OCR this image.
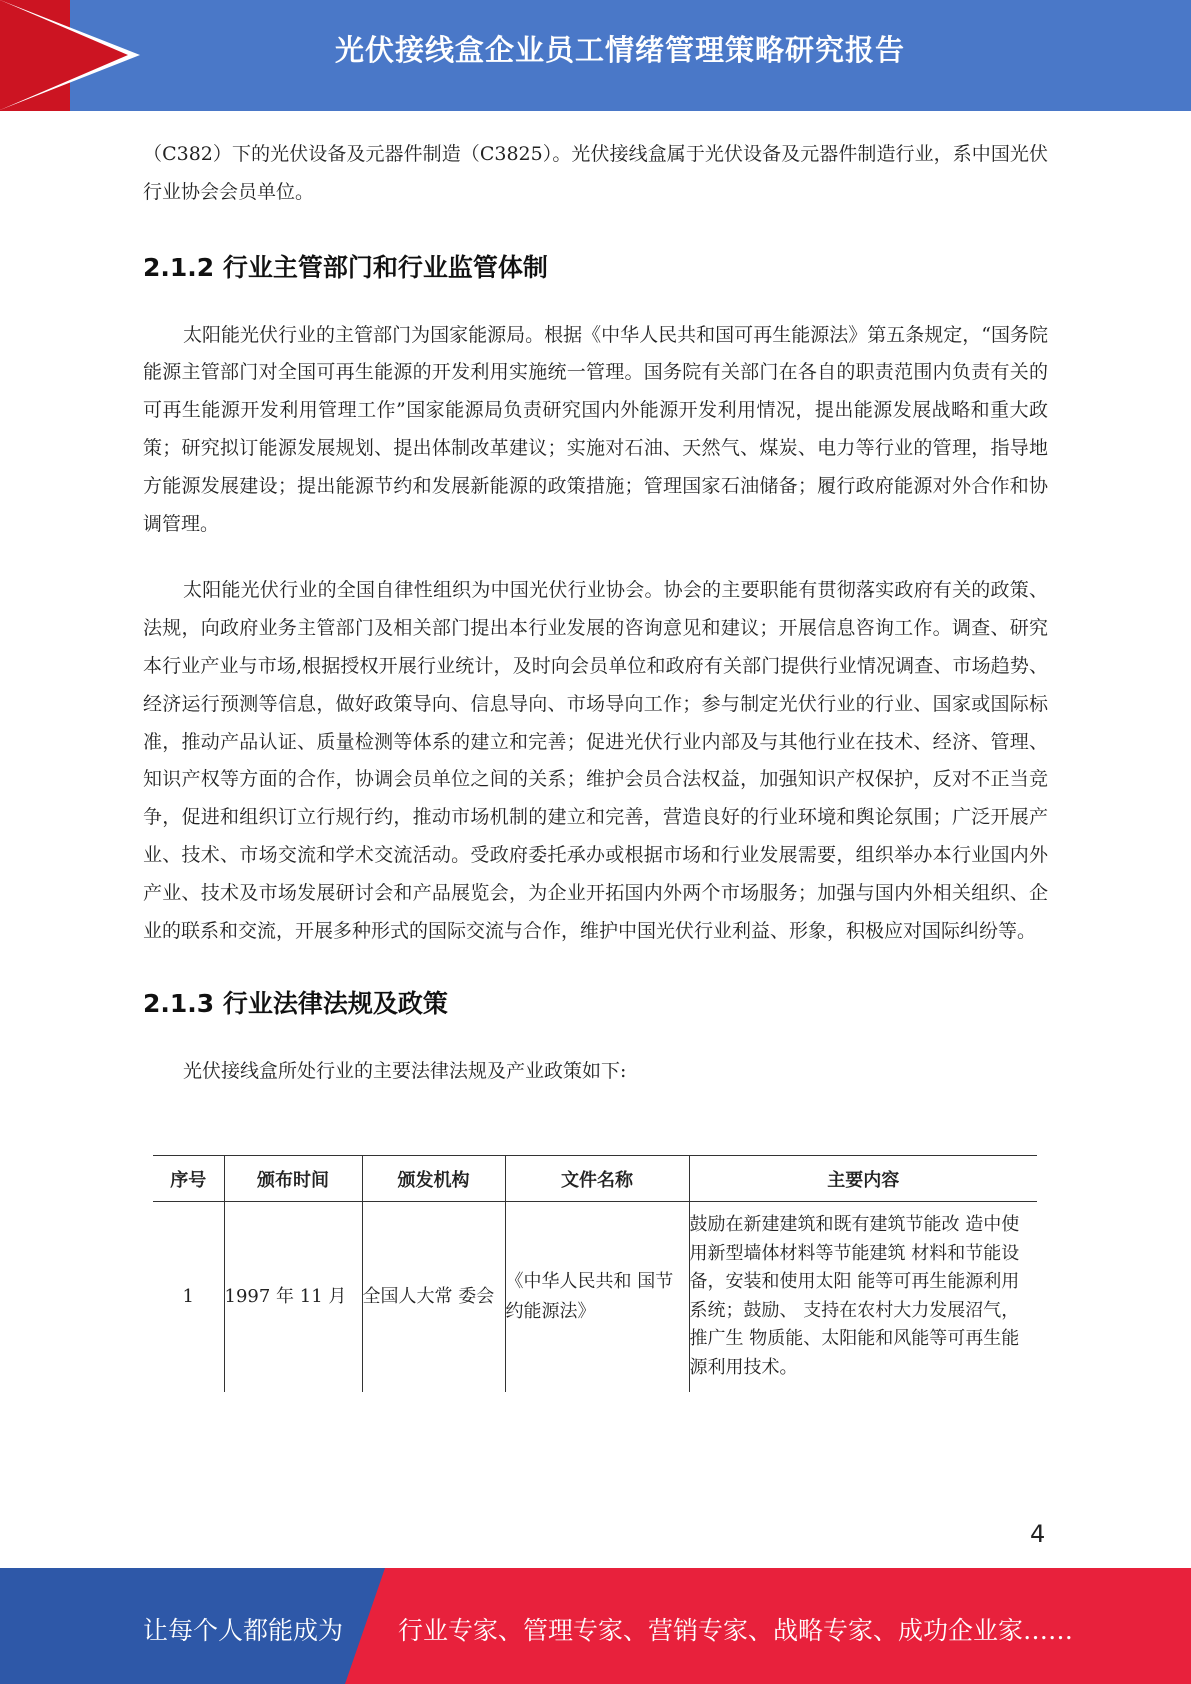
光伏接线盒企业员工情绪管理策略研究报告

（C382）下的光伏设备及元器件制造（C3825）。光伏接线盒属于光伏设备及元器件制造行业，系中国光伏行业协会会员单位。

2.1.2 行业主管部门和行业监管体制

太阳能光伏行业的主管部门为国家能源局。根据《中华人民共和国可再生能源法》第五条规定，“国务院能源主管部门对全国可再生能源的开发利用实施统一管理。国务院有关部门在各自的职责范围内负责有关的可再生能源开发利用管理工作”国家能源局负责研究国内外能源开发利用情况，提出能源发展战略和重大政策；研究拟订能源发展规划、提出体制改革建议；实施对石油、天然气、煤炭、电力等行业的管理，指导地方能源发展建设；提出能源节约和发展新能源的政策措施；管理国家石油储备；履行政府能源对外合作和协调管理。

太阳能光伏行业的全国自律性组织为中国光伏行业协会。协会的主要职能有贯彻落实政府有关的政策、法规，向政府业务主管部门及相关部门提出本行业发展的咨询意见和建议；开展信息咨询工作。调查、研究本行业产业与市场,根据授权开展行业统计，及时向会员单位和政府有关部门提供行业情况调查、市场趋势、经济运行预测等信息，做好政策导向、信息导向、市场导向工作；参与制定光伏行业的行业、国家或国际标准，推动产品认证、质量检测等体系的建立和完善；促进光伏行业内部及与其他行业在技术、经济、管理、知识产权等方面的合作，协调会员单位之间的关系；维护会员合法权益，加强知识产权保护，反对不正当竞争，促进和组织订立行规行约，推动市场机制的建立和完善，营造良好的行业环境和舆论氛围；广泛开展产业、技术、市场交流和学术交流活动。受政府委托承办或根据市场和行业发展需要，组织举办本行业国内外产业、技术及市场发展研讨会和产品展览会，为企业开拓国内外两个市场服务；加强与国内外相关组织、企业的联系和交流，开展多种形式的国际交流与合作，维护中国光伏行业利益、形象，积极应对国际纠纷等。

2.1.3 行业法律法规及政策

光伏接线盒所处行业的主要法律法规及产业政策如下:

序号	颁布时间	颁发机构	文件名称	主要内容
1	1997 年 11 月	全国人大常 委会	《中华人民共和 国节约能源法》	鼓励在新建建筑和既有建筑节能改 造中使用新型墙体材料等节能建筑 材料和节能设备，安装和使用太阳 能等可再生能源利用系统；鼓励、 支持在农村大力发展沼气，推广生 物质能、太阳能和风能等可再生能 源利用技术。
4
让每个人都能成为 行业专家、管理专家、营销专家、战略专家、成功企业家……
